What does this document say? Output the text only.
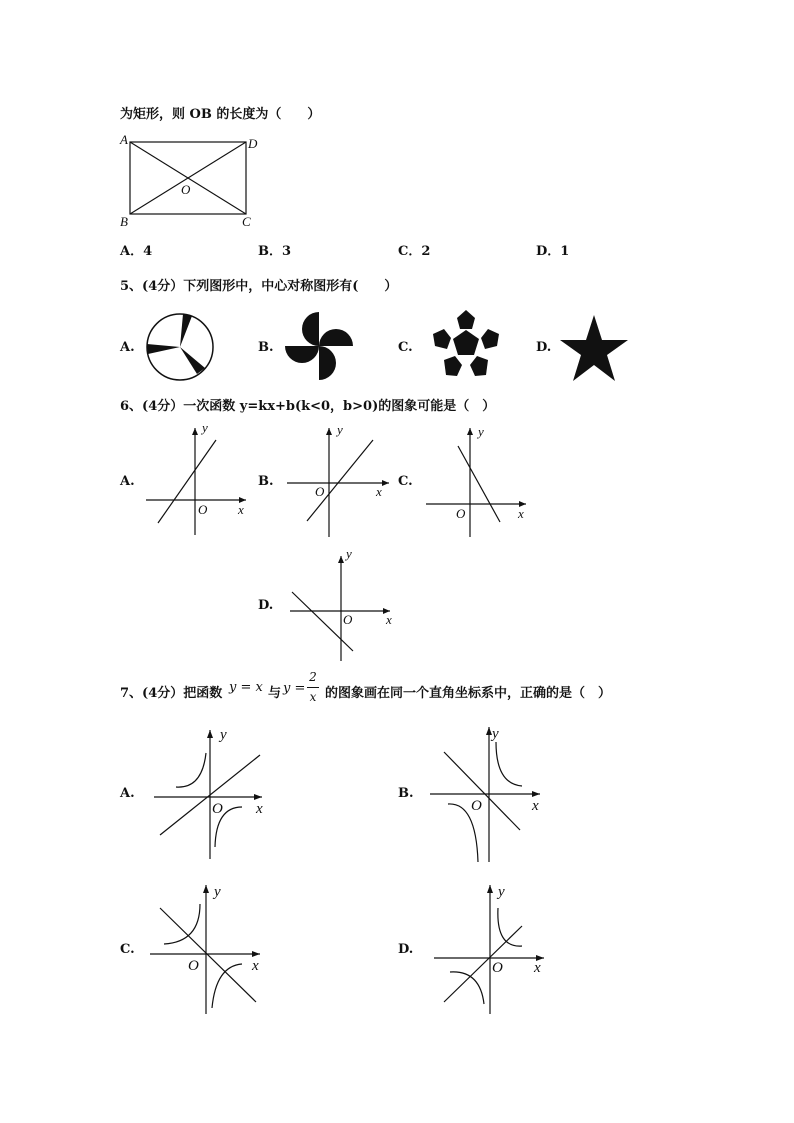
为矩形，则 OB 的长度为（　　）
A	D
B	C
O
A．4	B．3	C．2	D．1
5、(4分）下列图形中，中心对称图形有(　　）
A.	B.	C.	D.
6、(4分）一次函数 y=kx+b(k<0，b>0)的图象可能是（　）
A.
y
x
O
B.
y
x
O
C.
y
x
O
D.
y
x
O
7、(4分）把函数 y = x 与 y =
2
x 的图象画在同一个直角坐标系中，正确的是（　）
A.
y
x
O
B.
y
x
O
C.
y
x
O
D.
y
x
O
